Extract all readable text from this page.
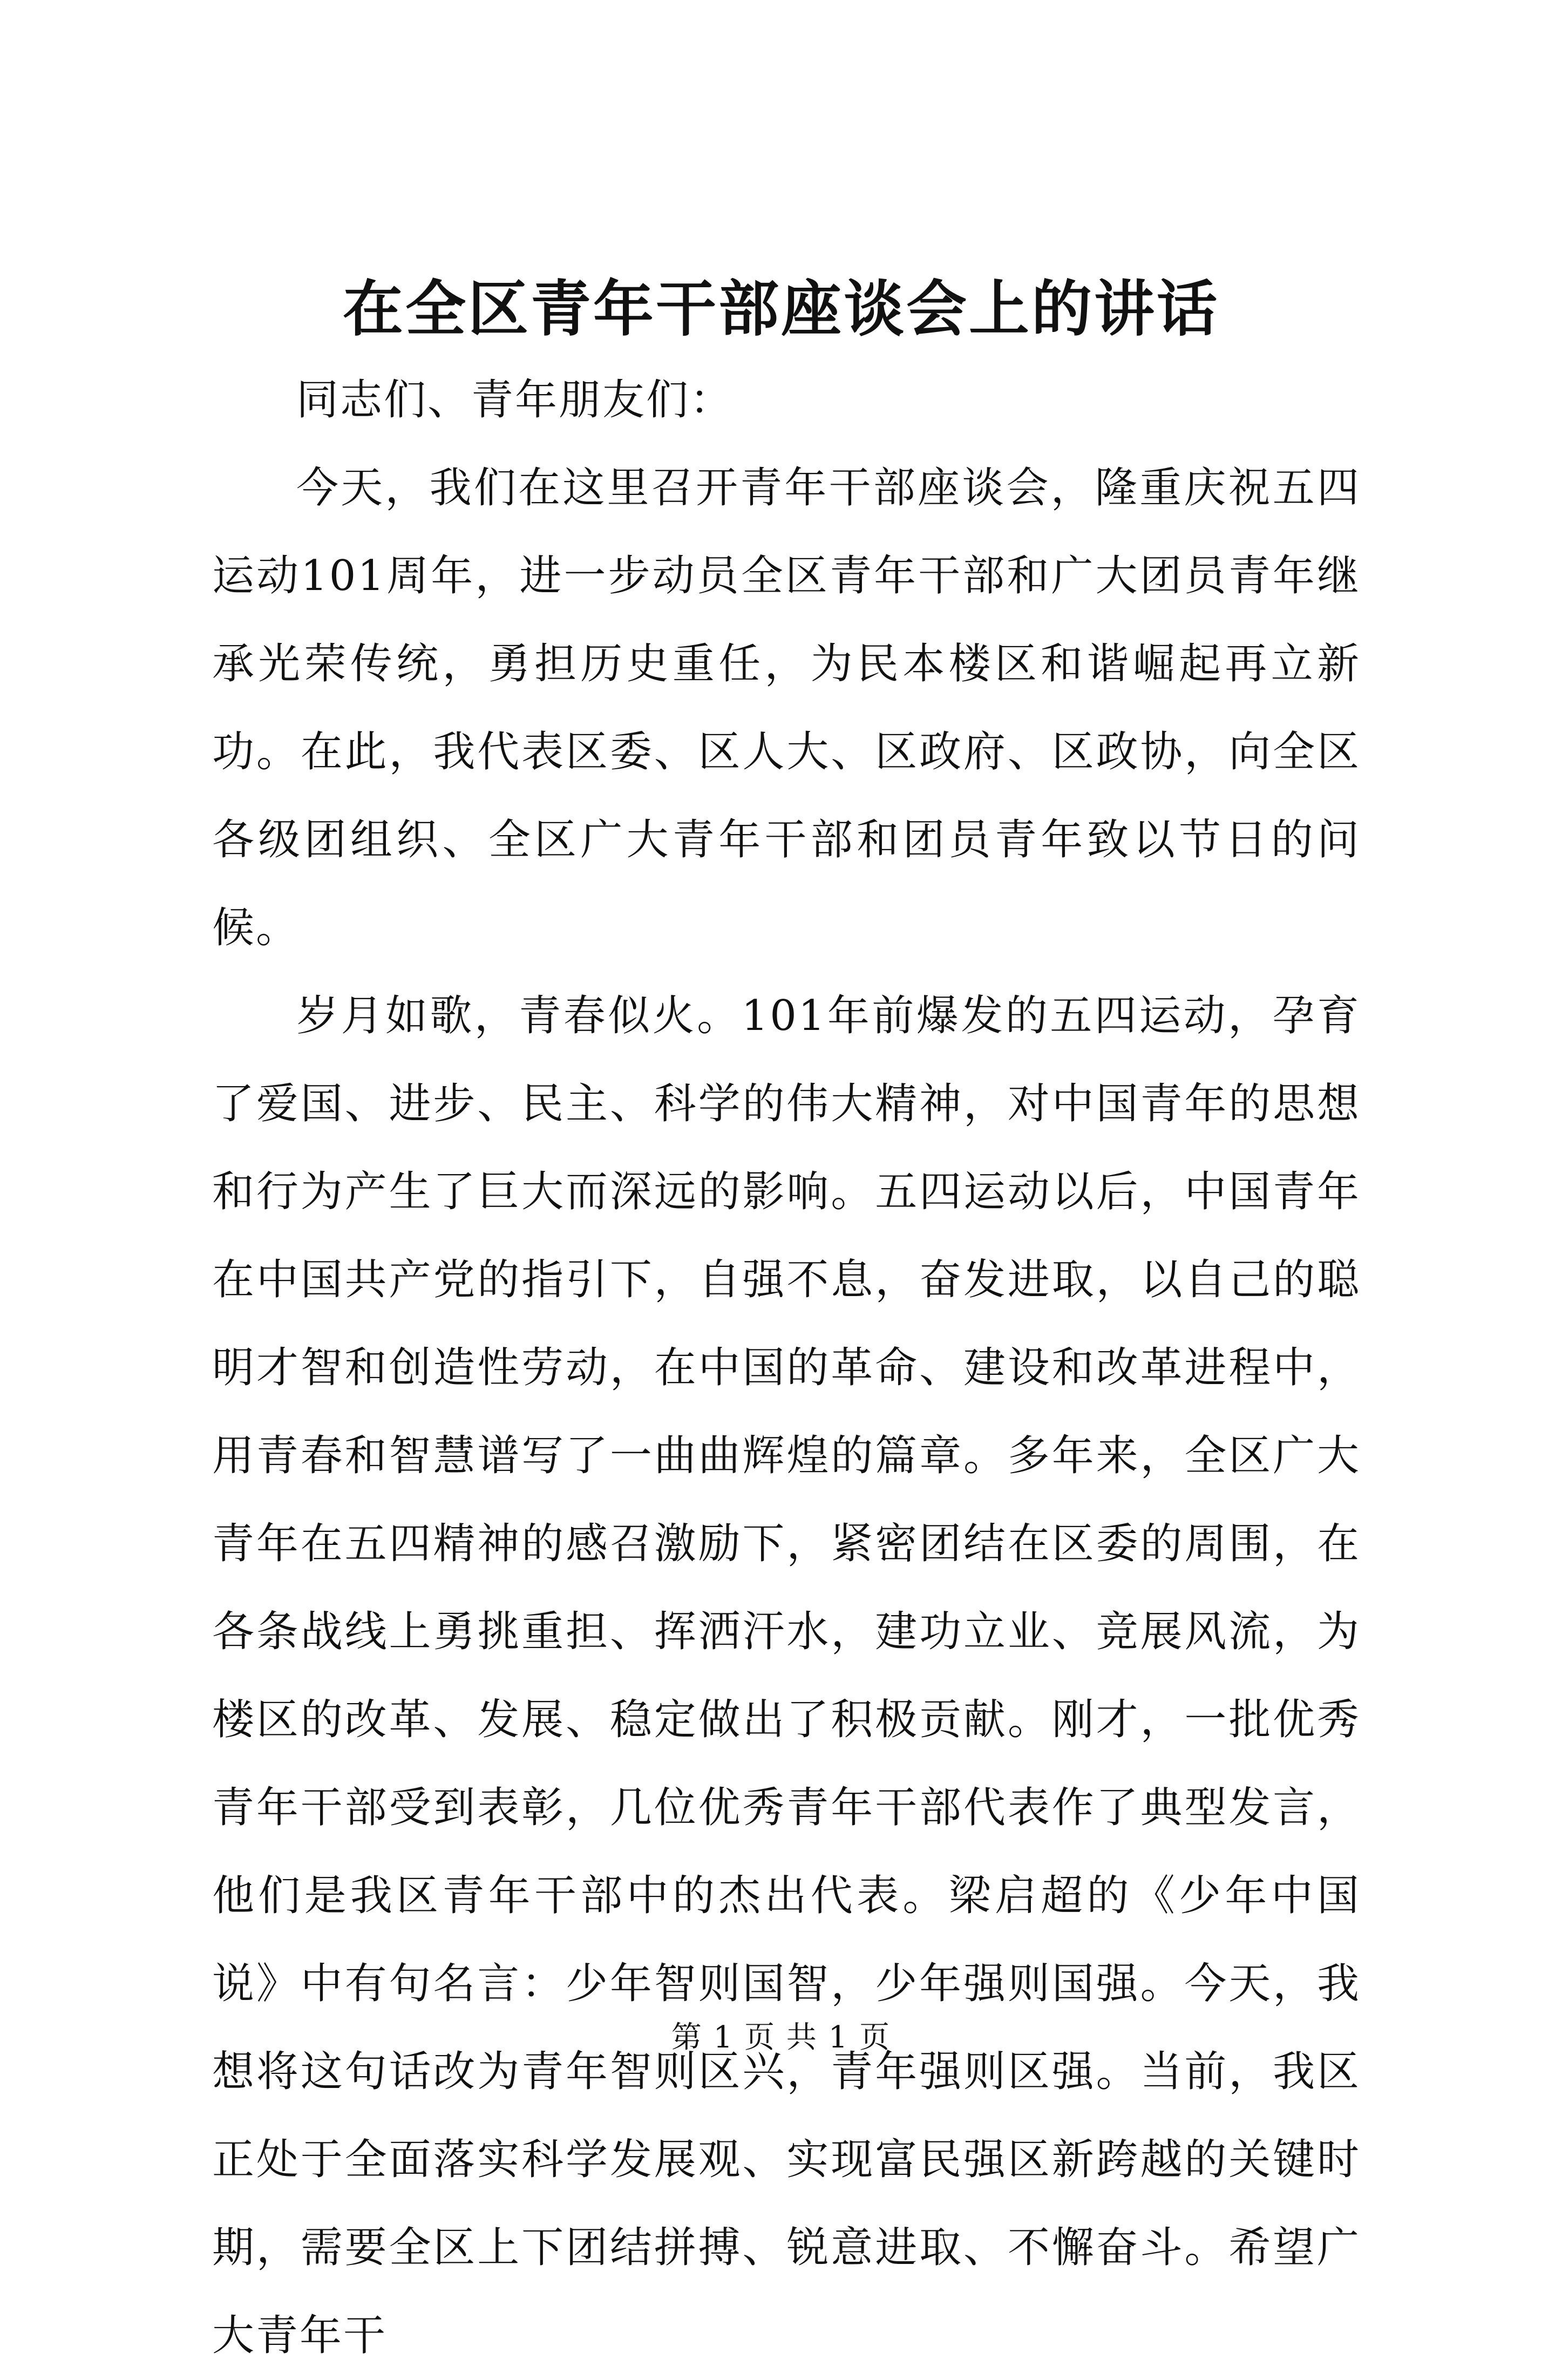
在全区青年干部座谈会上的讲话

同志们、青年朋友们：

今天，我们在这里召开青年干部座谈会，隆重庆祝五四运动101周年，进一步动员全区青年干部和广大团员青年继承光荣传统，勇担历史重任，为民本楼区和谐崛起再立新功。在此，我代表区委、区人大、区政府、区政协，向全区各级团组织、全区广大青年干部和团员青年致以节日的问候。

岁月如歌，青春似火。101年前爆发的五四运动，孕育了爱国、进步、民主、科学的伟大精神，对中国青年的思想和行为产生了巨大而深远的影响。五四运动以后，中国青年在中国共产党的指引下，自强不息，奋发进取，以自己的聪明才智和创造性劳动，在中国的革命、建设和改革进程中，用青春和智慧谱写了一曲曲辉煌的篇章。多年来，全区广大青年在五四精神的感召激励下，紧密团结在区委的周围，在各条战线上勇挑重担、挥洒汗水，建功立业、竞展风流，为楼区的改革、发展、稳定做出了积极贡献。刚才，一批优秀青年干部受到表彰，几位优秀青年干部代表作了典型发言，他们是我区青年干部中的杰出代表。梁启超的《少年中国说》中有句名言：少年智则国智，少年强则国强。今天，我想将这句话改为青年智则区兴，青年强则区强。当前，我区正处于全面落实科学发展观、实现富民强区新跨越的关键时期，需要全区上下团结拼搏、锐意进取、不懈奋斗。希望广大青年干

第 1 页 共 1 页
